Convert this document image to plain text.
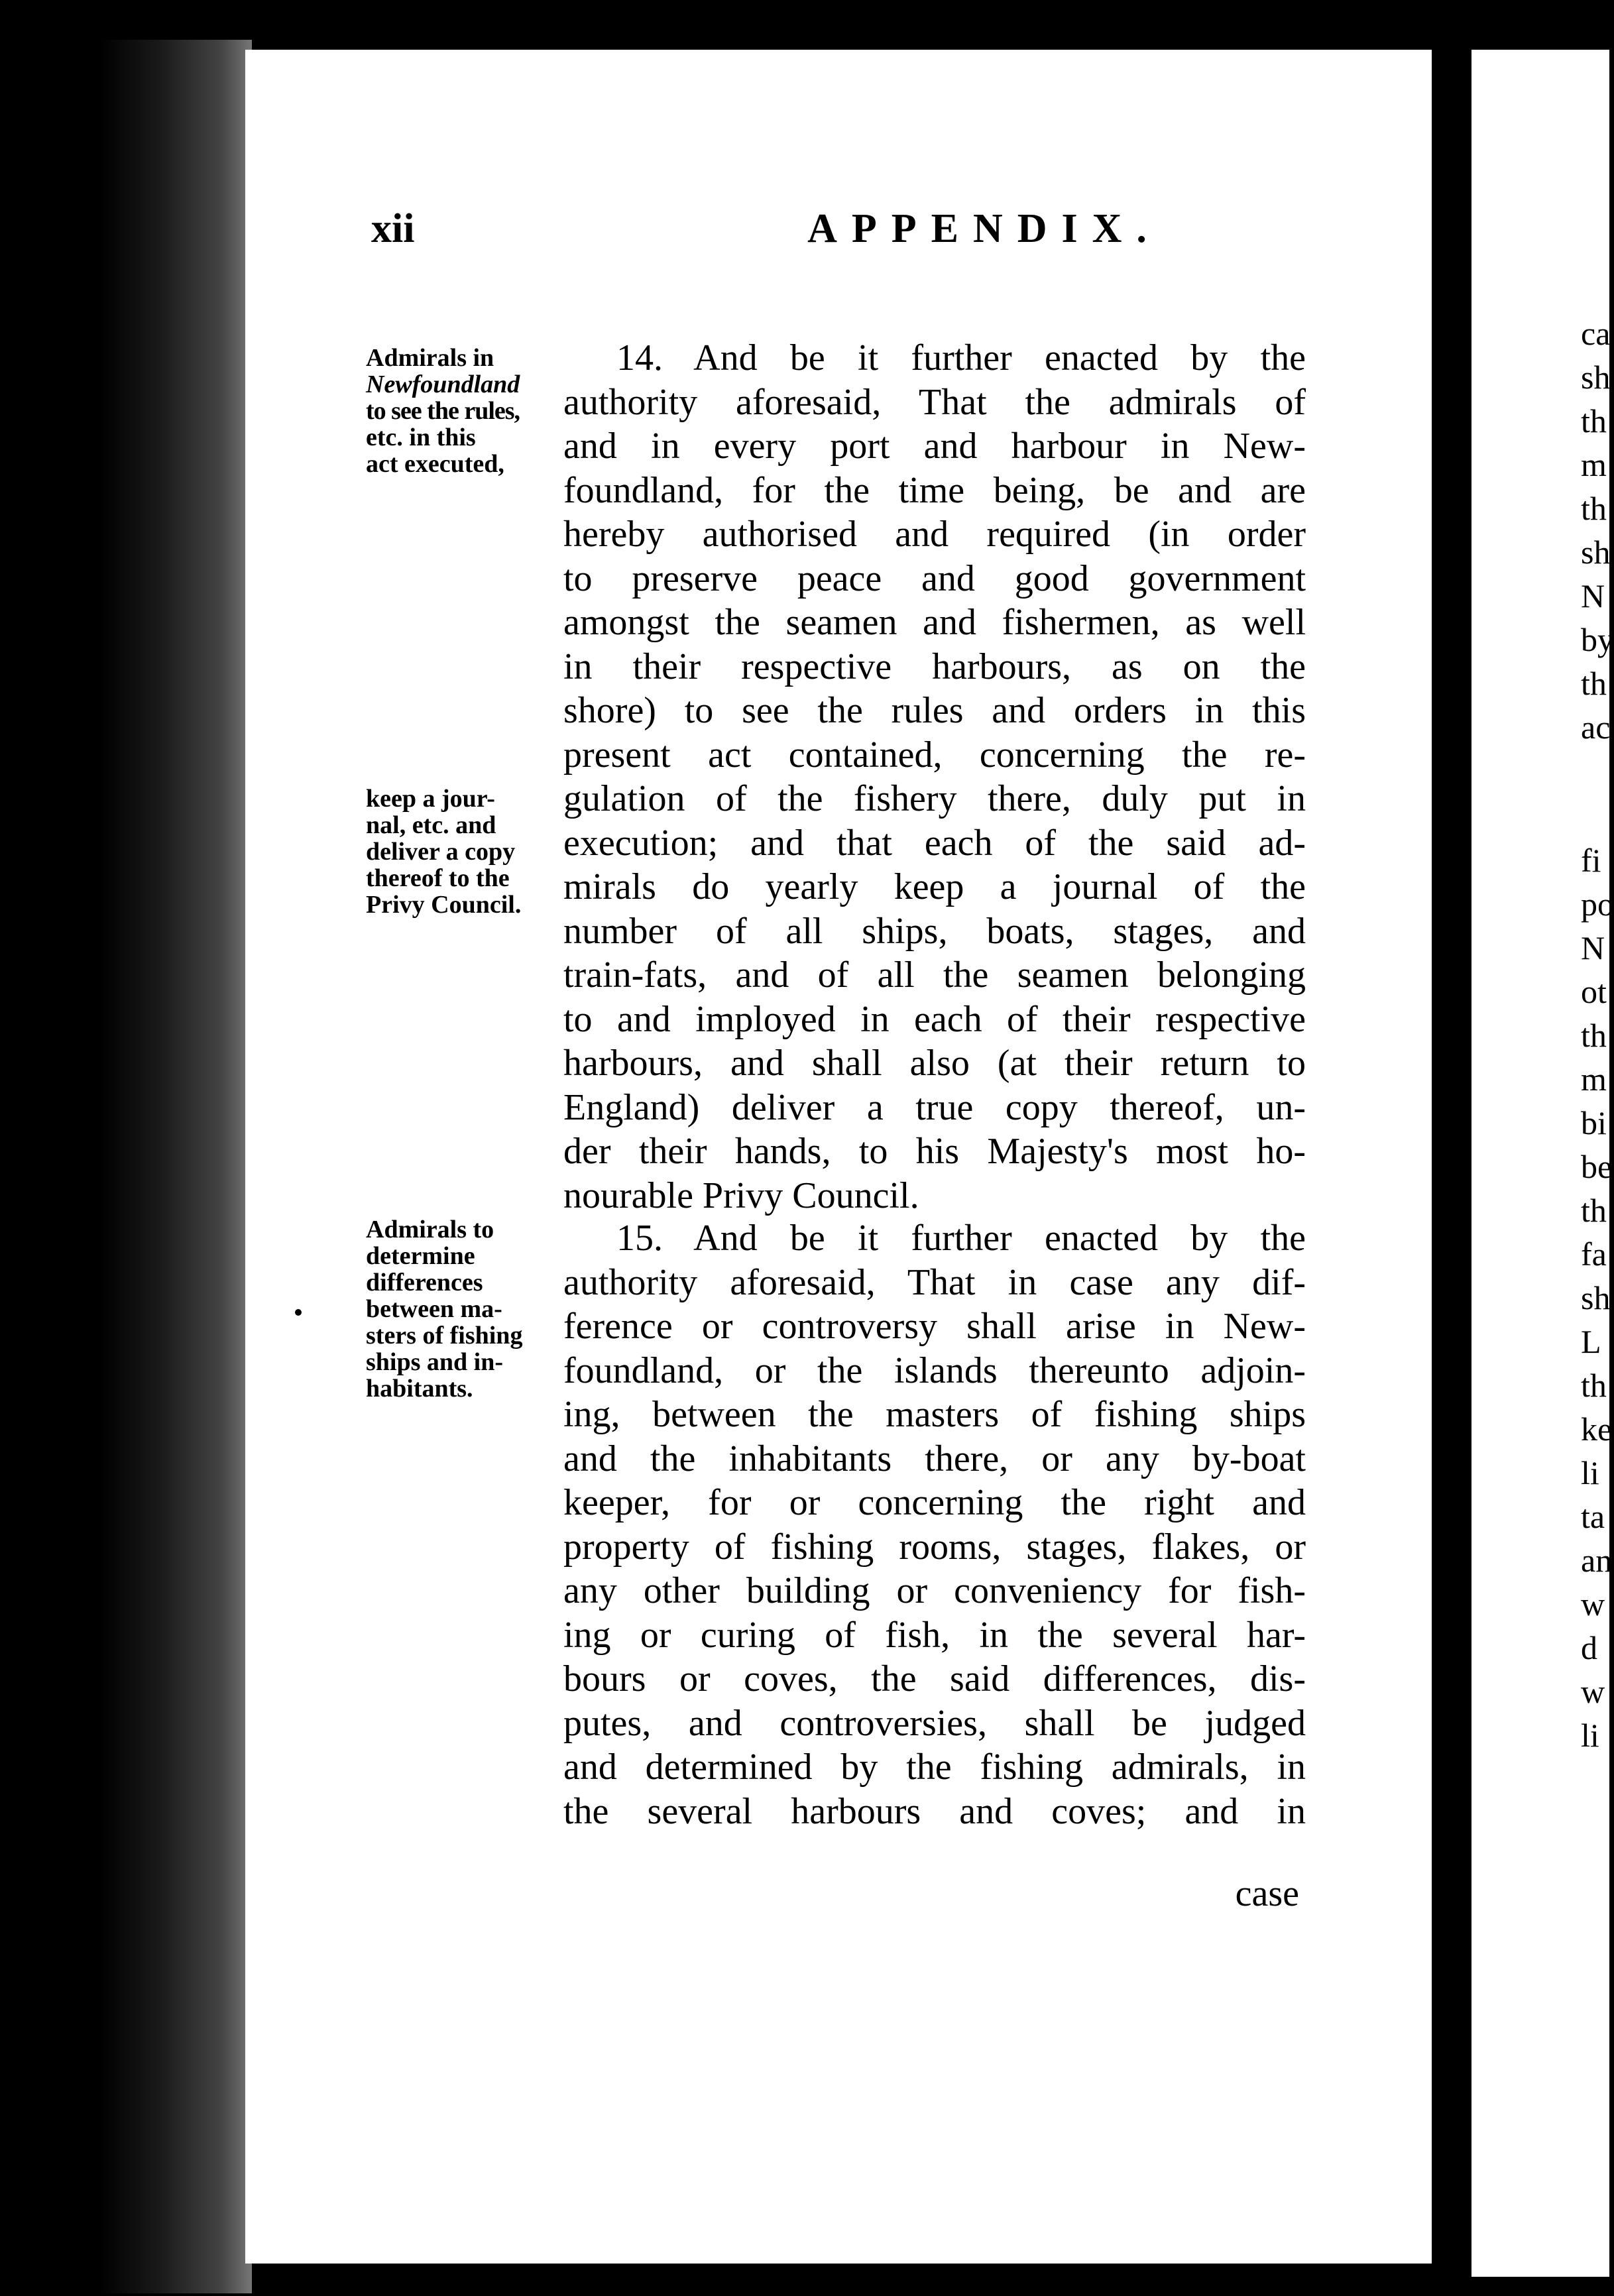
xii	APPENDIX.
Admirals in
Newfoundland
to see the rules,
etc. in this
act executed,
keep a jour-
nal, etc. and
deliver a copy
thereof to the
Privy Council.
Admirals to
determine
differences
between ma-
sters of fishing
ships and in-
habitants.
14. And be it further enacted by the
authority aforesaid, That the admirals of
and in every port and harbour in New-
foundland, for the time being, be and are
hereby authorised and required (in order
to preserve peace and good government
amongst the seamen and fishermen, as well
in their respective harbours, as on the
shore) to see the rules and orders in this
present act contained, concerning the re-
gulation of the fishery there, duly put in
execution; and that each of the said ad-
mirals do yearly keep a journal of the
number of all ships, boats, stages, and
train-fats, and of all the seamen belonging
to and imployed in each of their respective
harbours, and shall also (at their return to
England) deliver a true copy thereof, un-
der their hands, to his Majesty's most ho-
nourable Privy Council.
15. And be it further enacted by the
authority aforesaid, That in case any dif-
ference or controversy shall arise in New-
foundland, or the islands thereunto adjoin-
ing, between the masters of fishing ships
and the inhabitants there, or any by-boat
keeper, for or concerning the right and
property of fishing rooms, stages, flakes, or
any other building or conveniency for fish-
ing or curing of fish, in the several har-
bours or coves, the said differences, dis-
putes, and controversies, shall be judged
and determined by the fishing admirals, in
the several harbours and coves; and in
case
ca
sh
th
m
th
sh
N
by
th
ac
fi
po
N
ot
th
m
bi
be
th
fa
sh
L
th
ke
li
ta
an
w
d
w
li
